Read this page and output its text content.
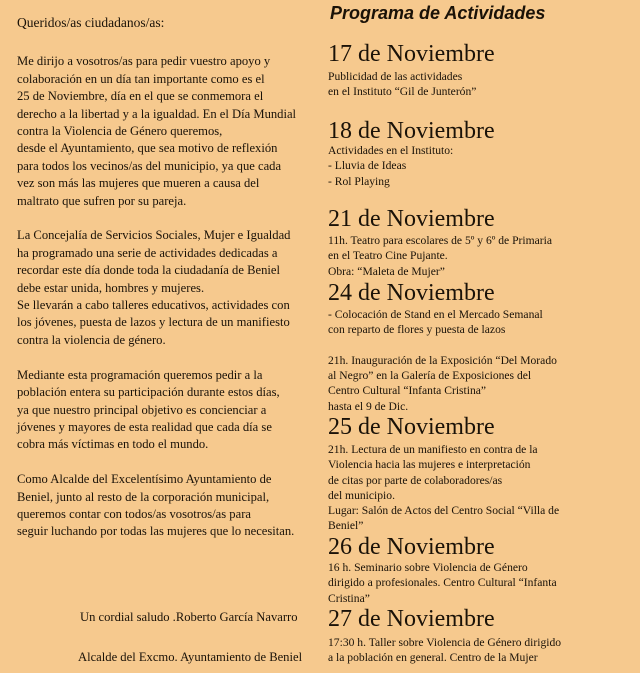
Queridos/as ciudadanos/as:

Me dirijo a vosotros/as para pedir vuestro apoyo y
colaboración en un día tan importante como es el
25 de Noviembre, día en el que se conmemora el
derecho a la libertad y a la igualdad. En el Día Mundial
contra la Violencia de Género queremos,
desde el Ayuntamiento, que sea motivo de reflexión
para todos los vecinos/as del municipio, ya que cada
vez son más las mujeres que mueren a causa del
maltrato que sufren por su pareja.
La Concejalía de Servicios Sociales, Mujer e Igualdad
ha programado una serie de actividades dedicadas a
recordar este día donde toda la ciudadanía de Beniel
debe estar unida, hombres y mujeres.
Se llevarán a cabo talleres educativos, actividades con
los jóvenes, puesta de lazos y lectura de un manifiesto
contra la violencia de género.
Mediante esta programación queremos pedir a la
población entera su participación durante estos días,
ya que nuestro principal objetivo es concienciar a
jóvenes y mayores de esta realidad que cada día se
cobra más víctimas en todo el mundo.
Como Alcalde del Excelentísimo Ayuntamiento de
Beniel, junto al resto de la corporación municipal,
queremos contar con todos/as vosotros/as para
seguir luchando por todas las mujeres que lo necesitan.
Un cordial saludo .Roberto García Navarro
Alcalde del Excmo. Ayuntamiento de Beniel
Programa de Actividades
17 de Noviembre
Publicidad de las actividades
en el Instituto “Gil de Junterón”
18 de Noviembre
Actividades en el Instituto:
- Lluvia de Ideas
- Rol Playing
21 de Noviembre
11h. Teatro para escolares de 5º y 6º de Primaria
en el Teatro Cine Pujante.
Obra: “Maleta de Mujer”
24 de Noviembre
- Colocación de Stand en el Mercado Semanal
con reparto de flores y puesta de lazos
21h. Inauguración de la Exposición “Del Morado
al Negro” en la Galería de Exposiciones del
Centro Cultural “Infanta Cristina”
hasta el 9 de Dic.
25 de Noviembre
21h. Lectura de un manifiesto en contra de la
Violencia hacia las mujeres e interpretación
de citas por parte de colaboradores/as
del municipio.
Lugar: Salón de Actos del Centro Social “Villa de
Beniel”
26 de Noviembre
16 h. Seminario sobre Violencia de Género
dirigido a profesionales. Centro Cultural “Infanta
Cristina”
27 de Noviembre
17:30 h. Taller sobre Violencia de Género dirigido
a la población en general. Centro de la Mujer
